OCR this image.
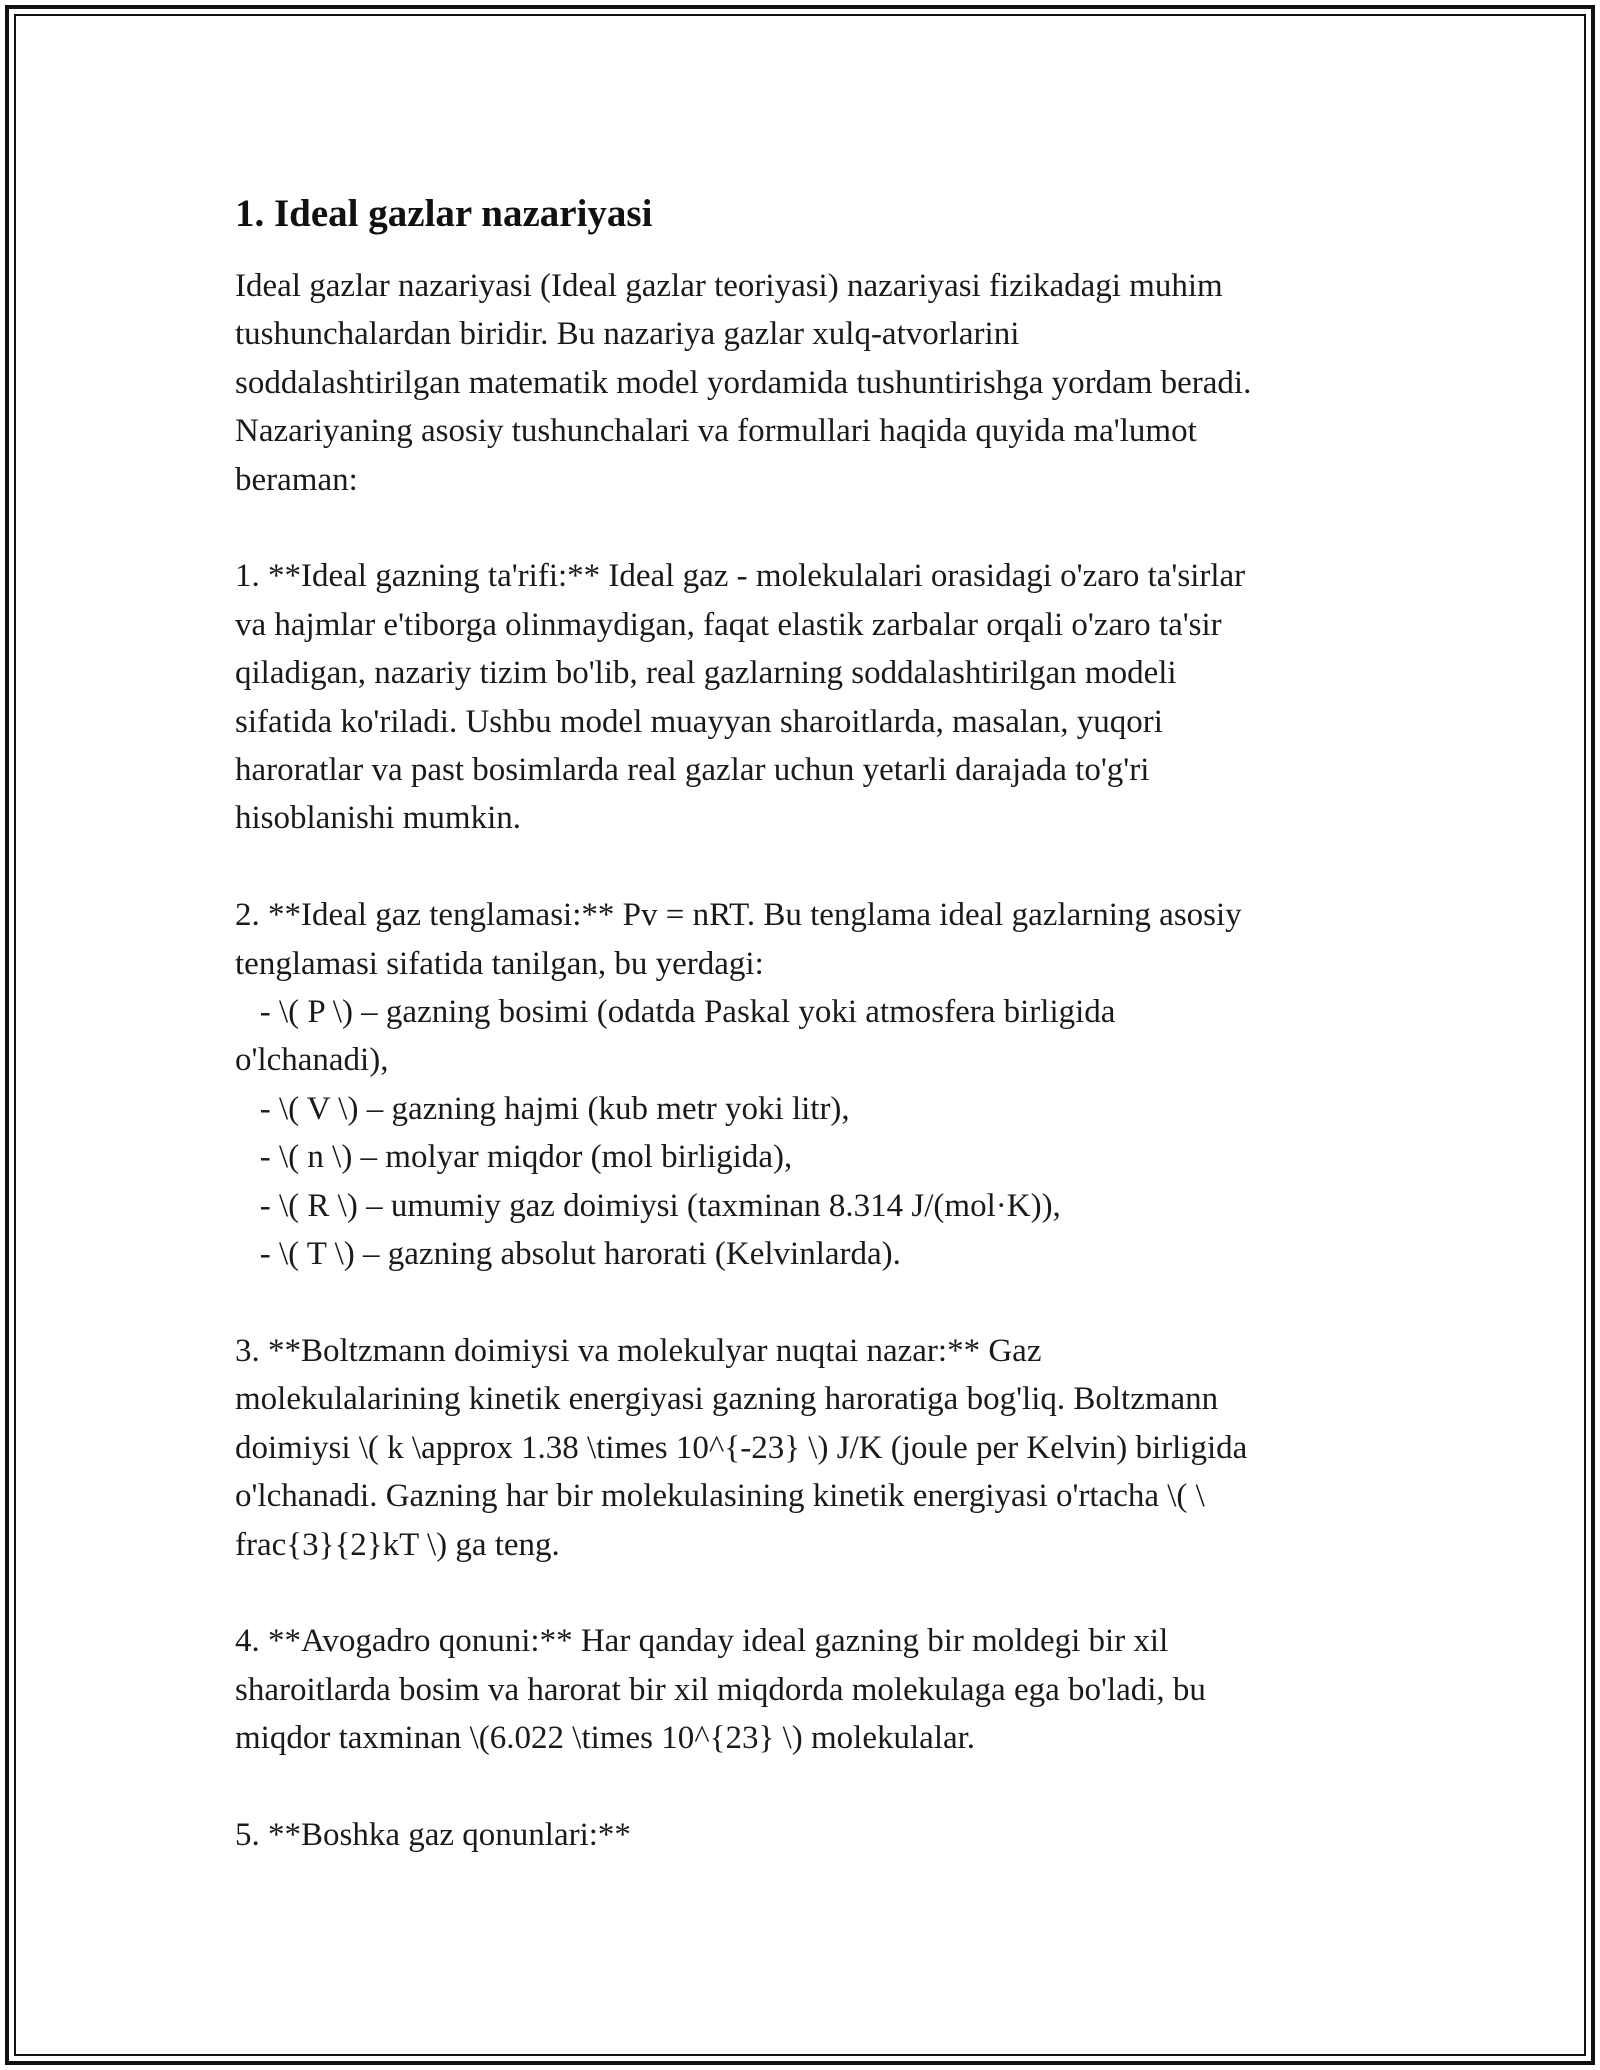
1. Ideal gazlar nazariyasi

Ideal gazlar nazariyasi (Ideal gazlar teoriyasi) nazariyasi fizikadagi muhim
tushunchalardan biridir. Bu nazariya gazlar xulq-atvorlarini
soddalashtirilgan matematik model yordamida tushuntirishga yordam beradi.
Nazariyaning asosiy tushunchalari va formullari haqida quyida ma'lumot
beraman:

1. **Ideal gazning ta'rifi:** Ideal gaz - molekulalari orasidagi o'zaro ta'sirlar
va hajmlar e'tiborga olinmaydigan, faqat elastik zarbalar orqali o'zaro ta'sir
qiladigan, nazariy tizim bo'lib, real gazlarning soddalashtirilgan modeli
sifatida ko'riladi. Ushbu model muayyan sharoitlarda, masalan, yuqori
haroratlar va past bosimlarda real gazlar uchun yetarli darajada to'g'ri
hisoblanishi mumkin.

2. **Ideal gaz tenglamasi:** Pv = nRT. Bu tenglama ideal gazlarning asosiy
tenglamasi sifatida tanilgan, bu yerdagi:
- \( P \) – gazning bosimi (odatda Paskal yoki atmosfera birligida
o'lchanadi),
- \( V \) – gazning hajmi (kub metr yoki litr),
- \( n \) – molyar miqdor (mol birligida),
- \( R \) – umumiy gaz doimiysi (taxminan 8.314 J/(mol·K)),
- \( T \) – gazning absolut harorati (Kelvinlarda).

3. **Boltzmann doimiysi va molekulyar nuqtai nazar:** Gaz
molekulalarining kinetik energiyasi gazning haroratiga bog'liq. Boltzmann
doimiysi \( k \approx 1.38 \times 10^{-23} \) J/K (joule per Kelvin) birligida
o'lchanadi. Gazning har bir molekulasining kinetik energiyasi o'rtacha \( \
frac{3}{2}kT \) ga teng.

4. **Avogadro qonuni:** Har qanday ideal gazning bir moldegi bir xil
sharoitlarda bosim va harorat bir xil miqdorda molekulaga ega bo'ladi, bu
miqdor taxminan \(6.022 \times 10^{23} \) molekulalar.

5. **Boshka gaz qonunlari:**
